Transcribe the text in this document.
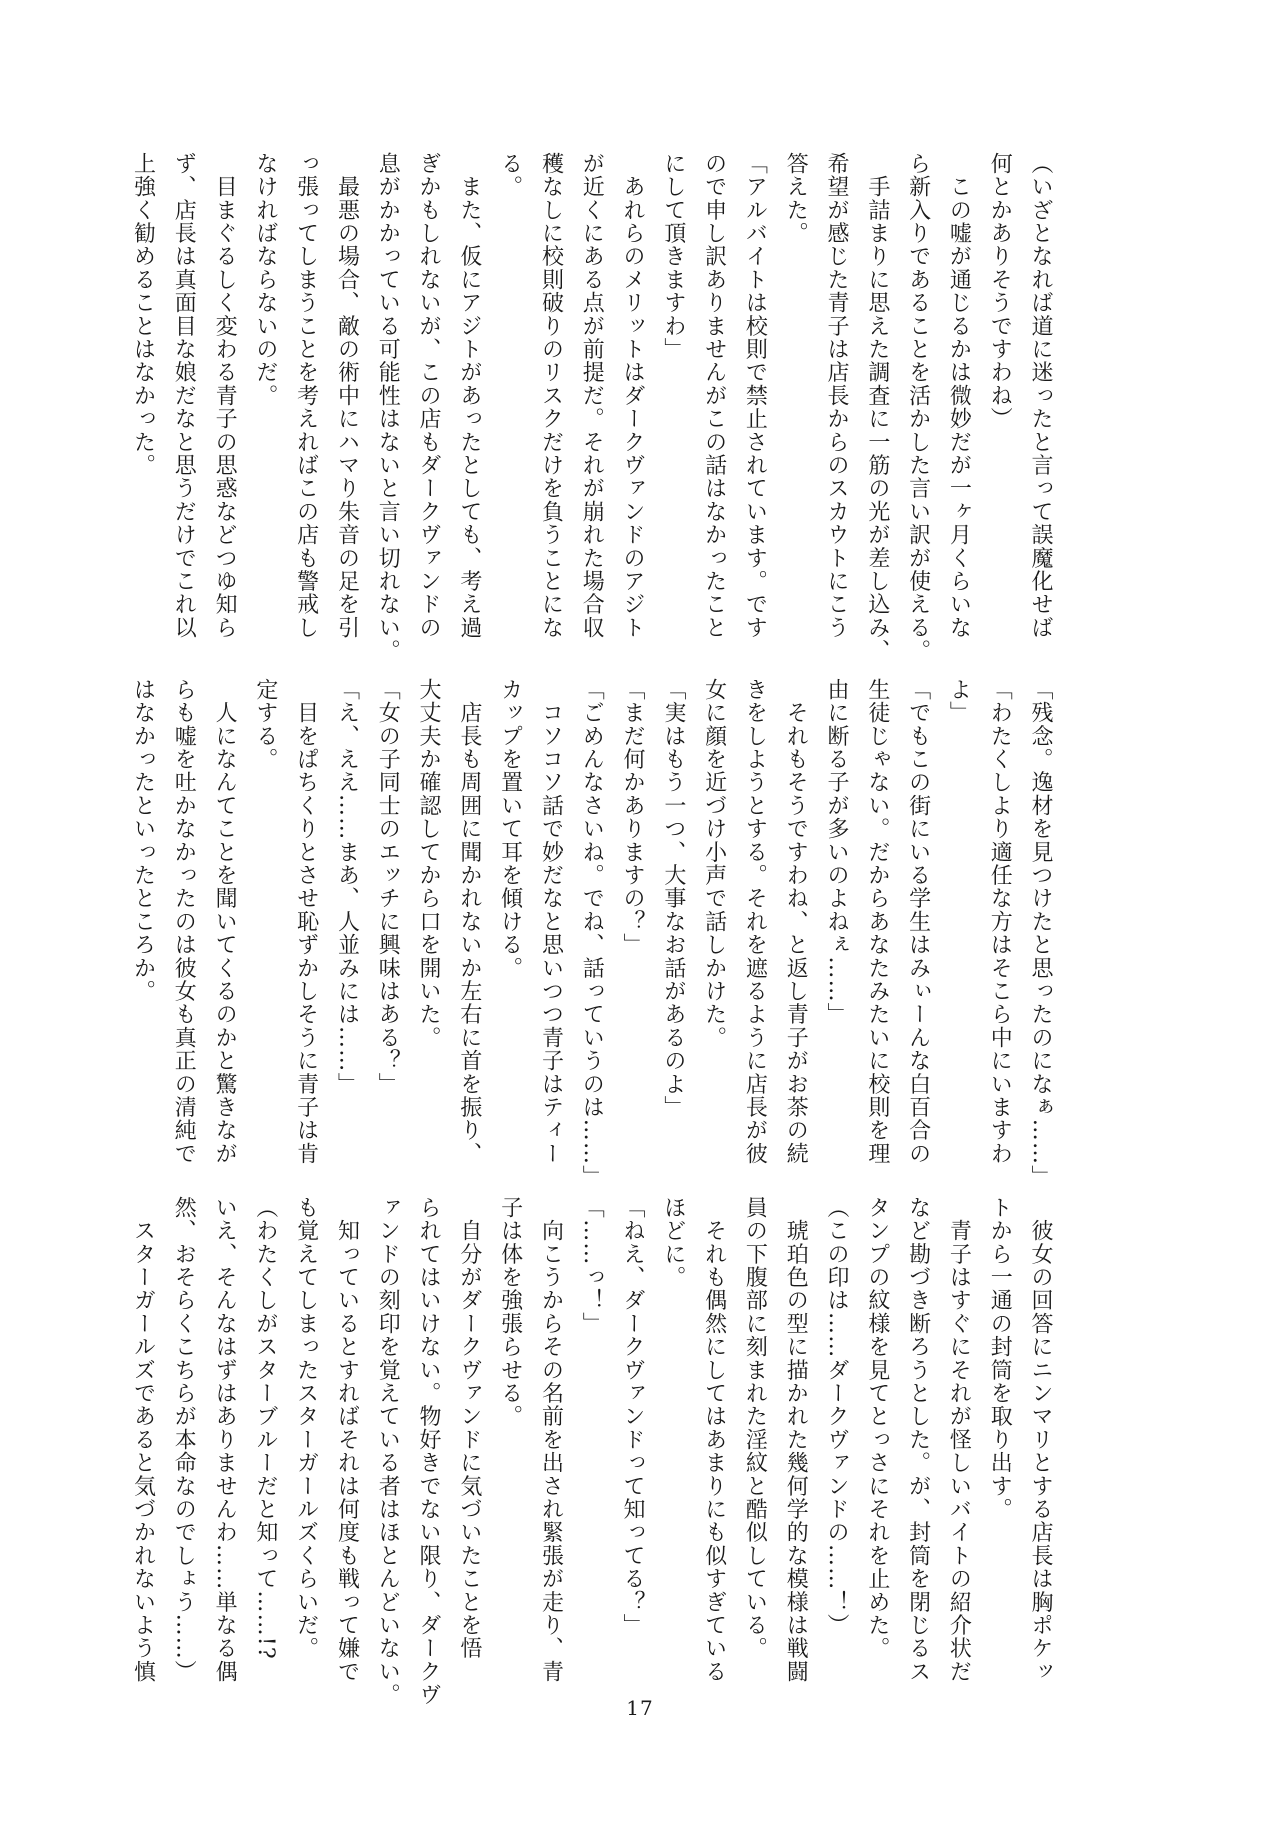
（いざとなれば道に迷ったと言って誤魔化せば
何とかありそうですわね）
　この嘘が通じるかは微妙だが一ヶ月くらいな
ら新入りであることを活かした言い訳が使える。
　手詰まりに思えた調査に一筋の光が差し込み、
希望が感じた青子は店長からのスカウトにこう
答えた。
「アルバイトは校則で禁止されています。です
ので申し訳ありませんがこの話はなかったこと
にして頂きますわ」
　あれらのメリットはダークヴァンドのアジト
が近くにある点が前提だ。それが崩れた場合収
穫なしに校則破りのリスクだけを負うことにな
る。
　また、仮にアジトがあったとしても、考え過
ぎかもしれないが、この店もダークヴァンドの
息がかかっている可能性はないと言い切れない。
　最悪の場合、敵の術中にハマり朱音の足を引
っ張ってしまうことを考えればこの店も警戒し
なければならないのだ。
　目まぐるしく変わる青子の思惑などつゆ知ら
ず、店長は真面目な娘だなと思うだけでこれ以
上強く勧めることはなかった。
「残念。逸材を見つけたと思ったのになぁ……」
「わたくしより適任な方はそこら中にいますわ
よ」
「でもこの街にいる学生はみぃーんな白百合の
生徒じゃない。だからあなたみたいに校則を理
由に断る子が多いのよねぇ……」
　それもそうですわね、と返し青子がお茶の続
きをしようとする。それを遮るように店長が彼
女に顔を近づけ小声で話しかけた。
「実はもう一つ、大事なお話があるのよ」
「まだ何かありますの？」
「ごめんなさいね。でね、話っていうのは……」
　コソコソ話で妙だなと思いつつ青子はティー
カップを置いて耳を傾ける。
　店長も周囲に聞かれないか左右に首を振り、
大丈夫か確認してから口を開いた。
「女の子同士のエッチに興味はある？」
「え、ええ……まあ、人並みには……」
　目をぱちくりとさせ恥ずかしそうに青子は肯
定する。
　人になんてことを聞いてくるのかと驚きなが
らも嘘を吐かなかったのは彼女も真正の清純で
はなかったといったところか。
　彼女の回答にニンマリとする店長は胸ポケッ
トから一通の封筒を取り出す。
　青子はすぐにそれが怪しいバイトの紹介状だ
など勘づき断ろうとした。が、封筒を閉じるス
タンプの紋様を見てとっさにそれを止めた。
（この印は……ダークヴァンドの……！）
　琥珀色の型に描かれた幾何学的な模様は戦闘
員の下腹部に刻まれた淫紋と酷似している。
　それも偶然にしてはあまりにも似すぎている
ほどに。
「ねえ、ダークヴァンドって知ってる？」
「……っ！」
　向こうからその名前を出され緊張が走り、青
子は体を強張らせる。
　自分がダークヴァンドに気づいたことを悟
られてはいけない。物好きでない限り、ダークヴ
ァンドの刻印を覚えている者はほとんどいない。
　知っているとすればそれは何度も戦って嫌で
も覚えてしまったスターガールズくらいだ。
（わたくしがスターブルーだと知って……!?
いえ、そんなはずはありませんわ……単なる偶
然、おそらくこちらが本命なのでしょう……）
　スターガールズであると気づかれないよう慎
17
